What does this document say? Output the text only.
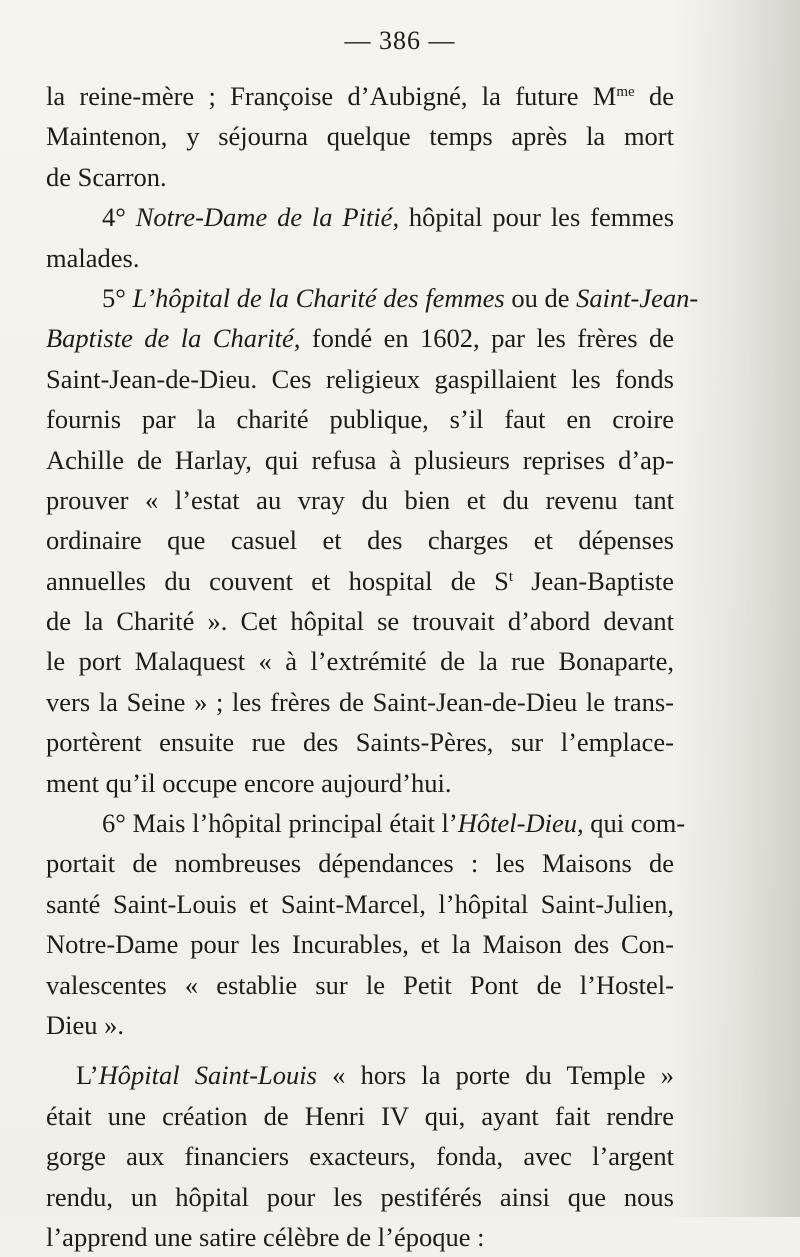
— 386 —
la reine-mère ; Françoise d’Aubigné, la future $M^{me}$ de
Maintenon, y séjourna quelque temps après la mort
de Scarron.
4° Notre-Dame de la Pitié, hôpital pour les femmes
malades.
5° L’hôpital de la Charité des femmes ou de Saint-Jean-
Baptiste de la Charité, fondé en 1602, par les frères de
Saint-Jean-de-Dieu. Ces religieux gaspillaient les fonds
fournis par la charité publique, s’il faut en croire
Achille de Harlay, qui refusa à plusieurs reprises d’ap-
prouver « l’estat au vray du bien et du revenu tant
ordinaire que casuel et des charges et dépenses
annuelles du couvent et hospital de $S^t$ Jean-Baptiste
de la Charité ». Cet hôpital se trouvait d’abord devant
le port Malaquest « à l’extrémité de la rue Bonaparte,
vers la Seine » ; les frères de Saint-Jean-de-Dieu le trans-
portèrent ensuite rue des Saints-Pères, sur l’emplace-
ment qu’il occupe encore aujourd’hui.
6° Mais l’hôpital principal était l’Hôtel-Dieu, qui com-
portait de nombreuses dépendances : les Maisons de
santé Saint-Louis et Saint-Marcel, l’hôpital Saint-Julien,
Notre-Dame pour les Incurables, et la Maison des Con-
valescentes « establie sur le Petit Pont de l’Hostel-
Dieu ».
L’Hôpital Saint-Louis « hors la porte du Temple »
était une création de Henri IV qui, ayant fait rendre
gorge aux financiers exacteurs, fonda, avec l’argent
rendu, un hôpital pour les pestiférés ainsi que nous
l’apprend une satire célèbre de l’époque :
